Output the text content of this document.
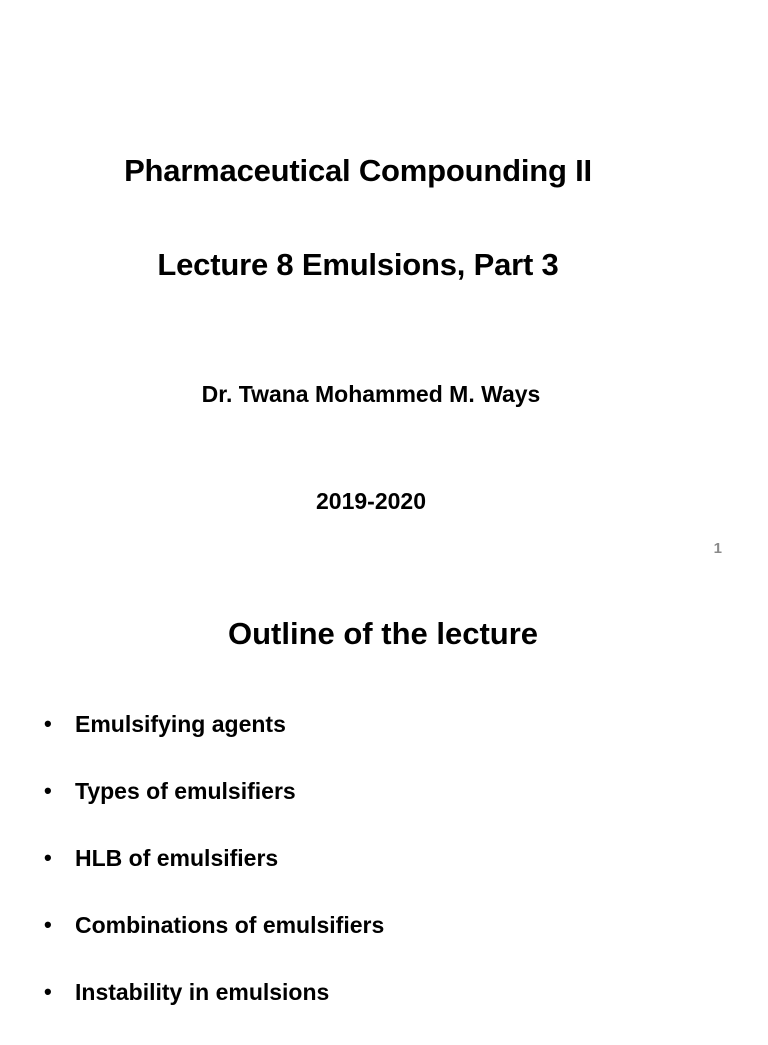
Pharmaceutical Compounding II
Lecture 8 Emulsions, Part 3
Dr. Twana Mohammed M. Ways
2019-2020
1
Outline of the lecture
•	Emulsifying agents
•	Types of emulsifiers
•	HLB of emulsifiers
•	Combinations of emulsifiers
•	Instability in emulsions
